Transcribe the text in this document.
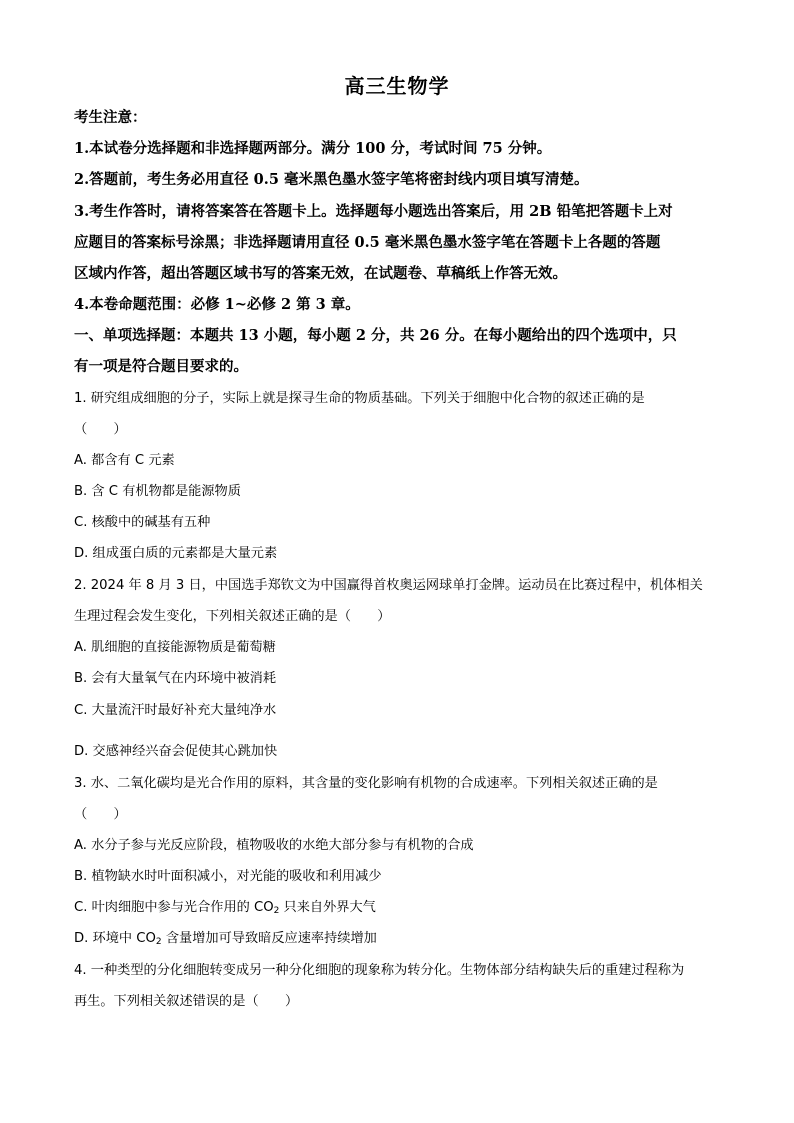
高三生物学
考生注意：
1.本试卷分选择题和非选择题两部分。满分 100 分，考试时间 75 分钟。
2.答题前，考生务必用直径 0.5 毫米黑色墨水签字笔将密封线内项目填写清楚。
3.考生作答时，请将答案答在答题卡上。选择题每小题选出答案后，用 2B 铅笔把答题卡上对
应题目的答案标号涂黑；非选择题请用直径 0.5 毫米黑色墨水签字笔在答题卡上各题的答题
区域内作答，超出答题区域书写的答案无效，在试题卷、草稿纸上作答无效。
4.本卷命题范围：必修 1~必修 2 第 3 章。
一、单项选择题：本题共 13 小题，每小题 2 分，共 26 分。在每小题给出的四个选项中，只
有一项是符合题目要求的。
1. 研究组成细胞的分子，实际上就是探寻生命的物质基础。下列关于细胞中化合物的叙述正确的是
（　　）
A. 都含有 C 元素
B. 含 C 有机物都是能源物质
C. 核酸中的碱基有五种
D. 组成蛋白质的元素都是大量元素
2. 2024 年 8 月 3 日，中国选手郑钦文为中国赢得首枚奥运网球单打金牌。运动员在比赛过程中，机体相关
生理过程会发生变化，下列相关叙述正确的是（　　）
A. 肌细胞的直接能源物质是葡萄糖
B. 会有大量氧气在内环境中被消耗
C. 大量流汗时最好补充大量纯净水
D. 交感神经兴奋会促使其心跳加快
3. 水、二氧化碳均是光合作用的原料，其含量的变化影响有机物的合成速率。下列相关叙述正确的是
（　　）
A. 水分子参与光反应阶段，植物吸收的水绝大部分参与有机物的合成
B. 植物缺水时叶面积减小，对光能的吸收和利用减少
C. 叶肉细胞中参与光合作用的 $CO_2$ 只来自外界大气
D. 环境中 $CO_2$ 含量增加可导致暗反应速率持续增加
4. 一种类型的分化细胞转变成另一种分化细胞的现象称为转分化。生物体部分结构缺失后的重建过程称为
再生。下列相关叙述错误的是（　　）
